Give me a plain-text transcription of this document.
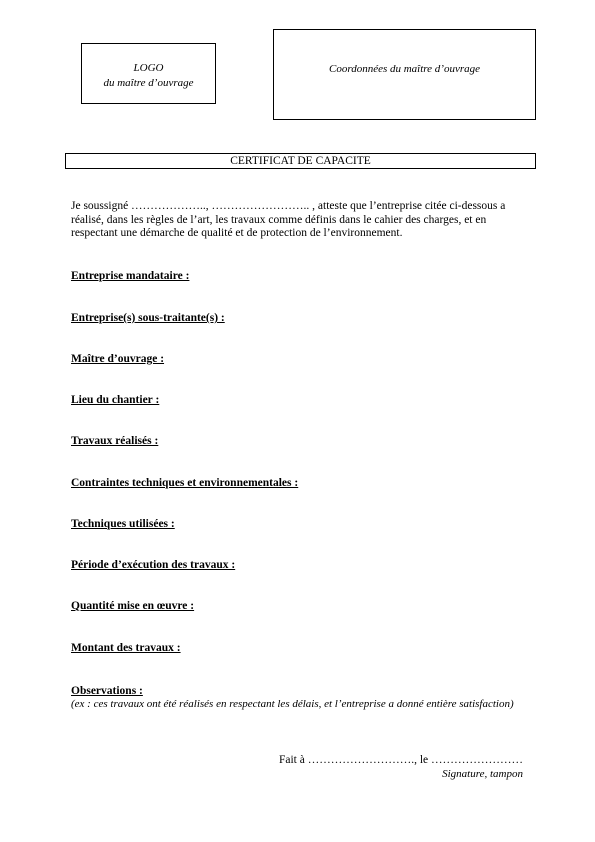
LOGO
du maître d’ouvrage
Coordonnées du maître d’ouvrage
CERTIFICAT DE CAPACITE

Je soussigné ……………….., …………………….. , atteste que l’entreprise citée ci-dessous a réalisé, dans les règles de l’art, les travaux comme définis dans le cahier des charges, et en respectant une démarche de qualité et de protection de l’environnement.

Entreprise mandataire :
Entreprise(s) sous-traitante(s) :
Maître d’ouvrage :
Lieu du chantier :
Travaux réalisés :
Contraintes techniques et environnementales :
Techniques utilisées :
Période d’exécution des travaux :
Quantité mise en œuvre :
Montant des travaux :
Observations :
(ex : ces travaux ont été réalisés en respectant les délais, et l’entreprise a donné entière satisfaction)
Fait à ………………………., le ……………………
Signature, tampon
